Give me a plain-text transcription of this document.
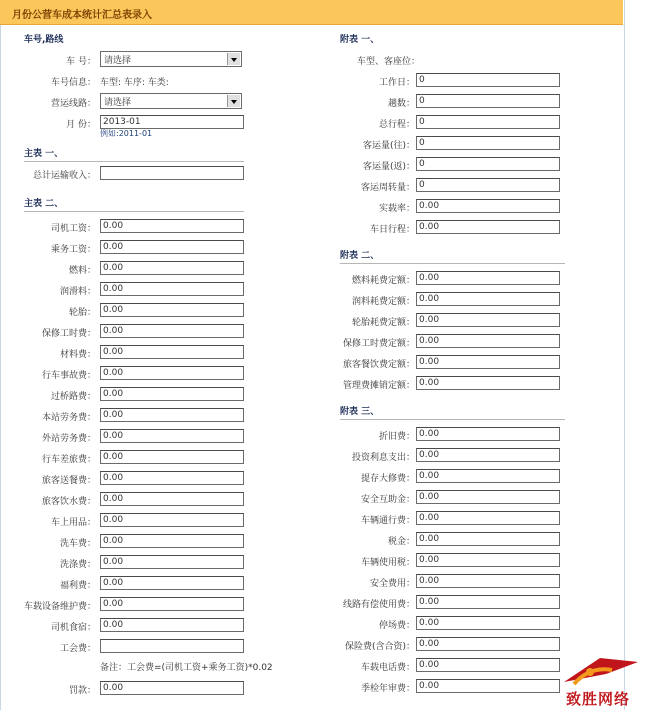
月份公营车成本统计汇总表录入
车号,路线
车 号： 请选择
车号信息： 车型: 车序: 车类:
营运线路： 请选择
月 份： 2013-01
例如:2011-01
主表 一、
总计运输收入：
主表 二、
司机工资： 0.00
乘务工资： 0.00
燃料： 0.00
润滑料： 0.00
轮胎： 0.00
保修工时费： 0.00
材料费： 0.00
行车事故费： 0.00
过桥路费： 0.00
本站劳务费： 0.00
外站劳务费： 0.00
行车差旅费： 0.00
旅客送餐费： 0.00
旅客饮水费： 0.00
车上用品： 0.00
洗车费： 0.00
洗涤费： 0.00
福利费： 0.00
车载设备维护费： 0.00
司机食宿： 0.00
工会费：
备注：工会费=(司机工资+乘务工资)*0.02
罚款： 0.00
附表 一、
车型、客座位：
工作日： 0
趟数： 0
总行程： 0
客运量(往)： 0
客运量(返)： 0
客运周转量： 0
实载率： 0.00
车日行程： 0.00
附表 二、
燃料耗费定额： 0.00
润料耗费定额： 0.00
轮胎耗费定额： 0.00
保修工时费定额： 0.00
旅客餐饮费定额： 0.00
管理费摊销定额： 0.00
附表 三、
折旧费： 0.00
投资利息支出： 0.00
提存大修费： 0.00
安全互助金： 0.00
车辆通行费： 0.00
税金： 0.00
车辆使用税： 0.00
安全费用： 0.00
线路有偿使用费： 0.00
停场费： 0.00
保险费(含合资)： 0.00
车载电话费： 0.00
季检年审费： 0.00
致胜网络
